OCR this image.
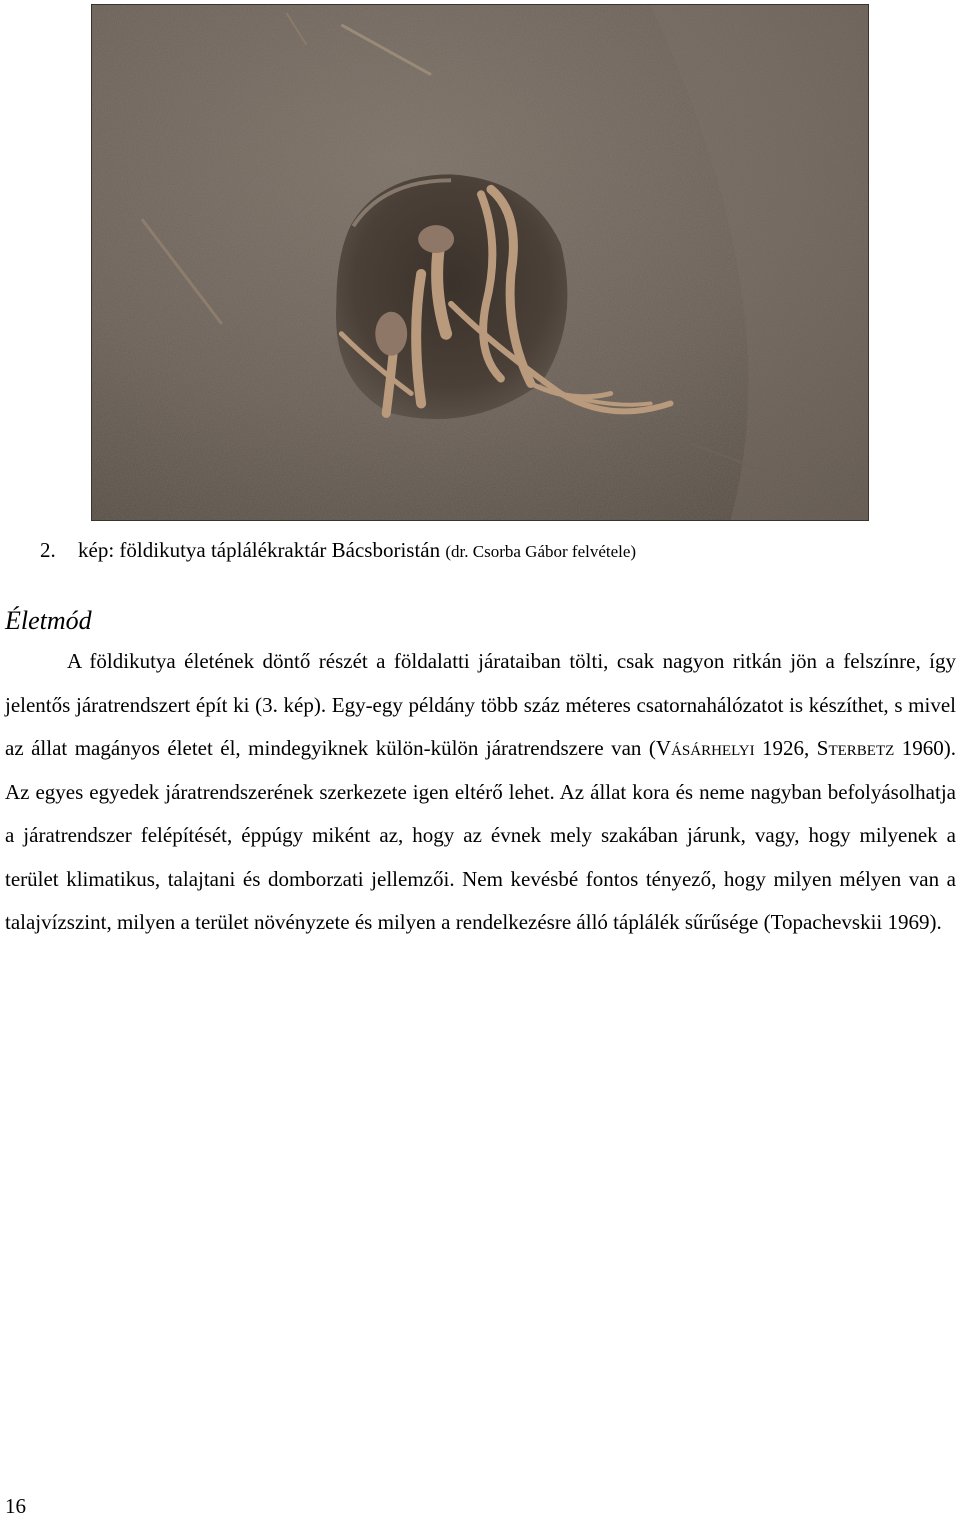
2. kép: földikutya táplálékraktár Bácsboristán (dr. Csorba Gábor felvétele)
Életmód

A földikutya életének döntő részét a földalatti járataiban tölti, csak nagyon ritkán jön a felszínre, így jelentős járatrendszert épít ki (3. kép). Egy-egy példány több száz méteres csatornahálózatot is készíthet, s mivel az állat magányos életet él, mindegyiknek külön-külön járatrendszere van (Vásárhelyi 1926, Sterbetz 1960). Az egyes egyedek járatrendszerének szerkezete igen eltérő lehet. Az állat kora és neme nagyban befolyásolhatja a járatrendszer felépítését, éppúgy miként az, hogy az évnek mely szakában járunk, vagy, hogy milyenek a terület klimatikus, talajtani és domborzati jellemzői. Nem kevésbé fontos tényező, hogy milyen mélyen van a talajvízszint, milyen a terület növényzete és milyen a rendelkezésre álló táplálék sűrűsége (Topachevskii 1969).

16
